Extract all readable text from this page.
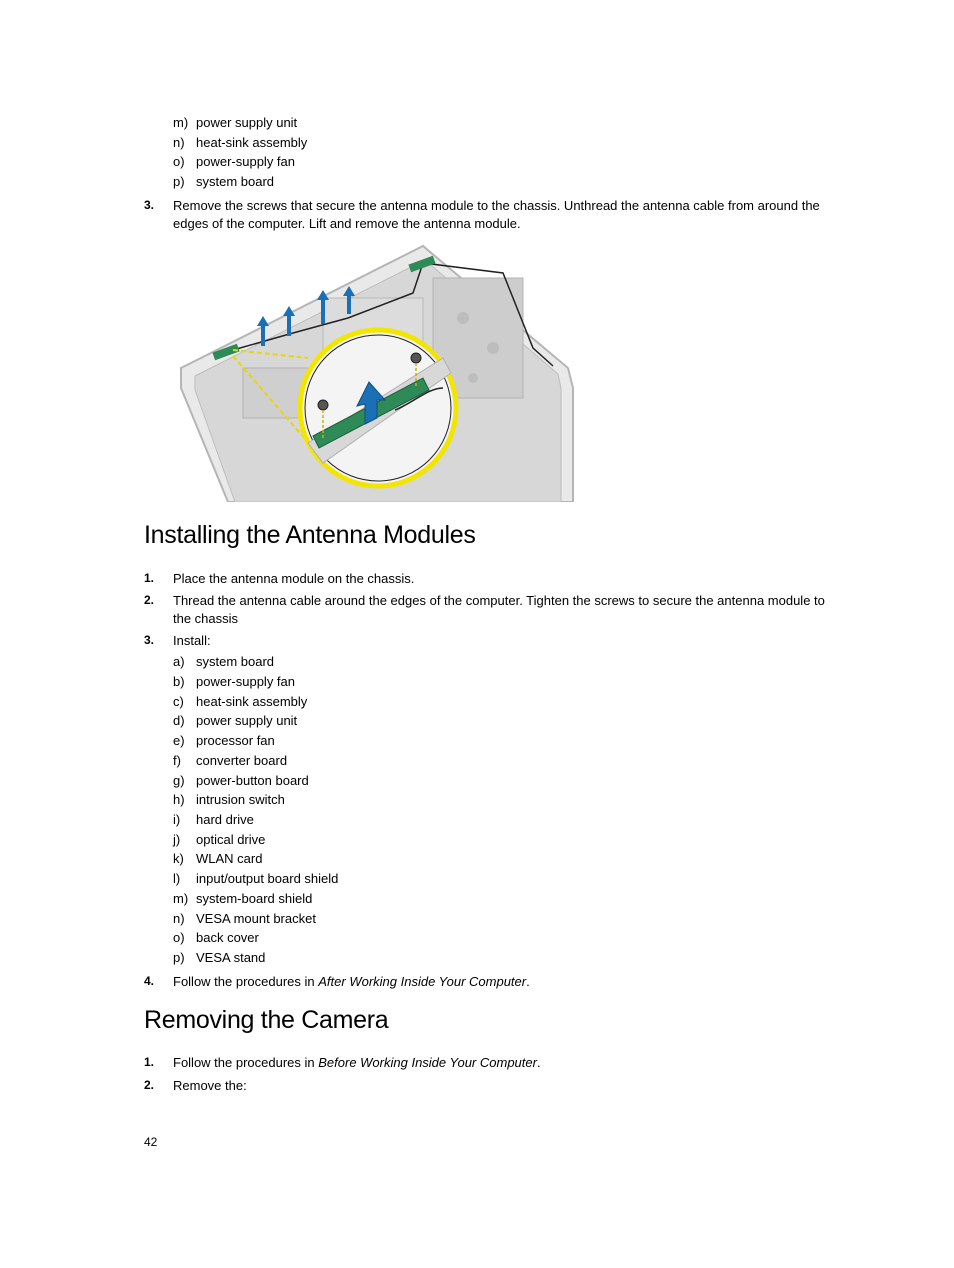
m) power supply unit
n) heat-sink assembly
o) power-supply fan
p) system board
3. Remove the screws that secure the antenna module to the chassis. Unthread the antenna cable from around the edges of the computer. Lift and remove the antenna module.
Installing the Antenna Modules
1. Place the antenna module on the chassis.
2. Thread the antenna cable around the edges of the computer. Tighten the screws to secure the antenna module to the chassis
3. Install:
a) system board
b) power-supply fan
c) heat-sink assembly
d) power supply unit
e) processor fan
f) converter board
g) power-button board
h) intrusion switch
i) hard drive
j) optical drive
k) WLAN card
l) input/output board shield
m) system-board shield
n) VESA mount bracket
o) back cover
p) VESA stand
4. Follow the procedures in After Working Inside Your Computer.
Removing the Camera
1. Follow the procedures in Before Working Inside Your Computer.
2. Remove the:
42
